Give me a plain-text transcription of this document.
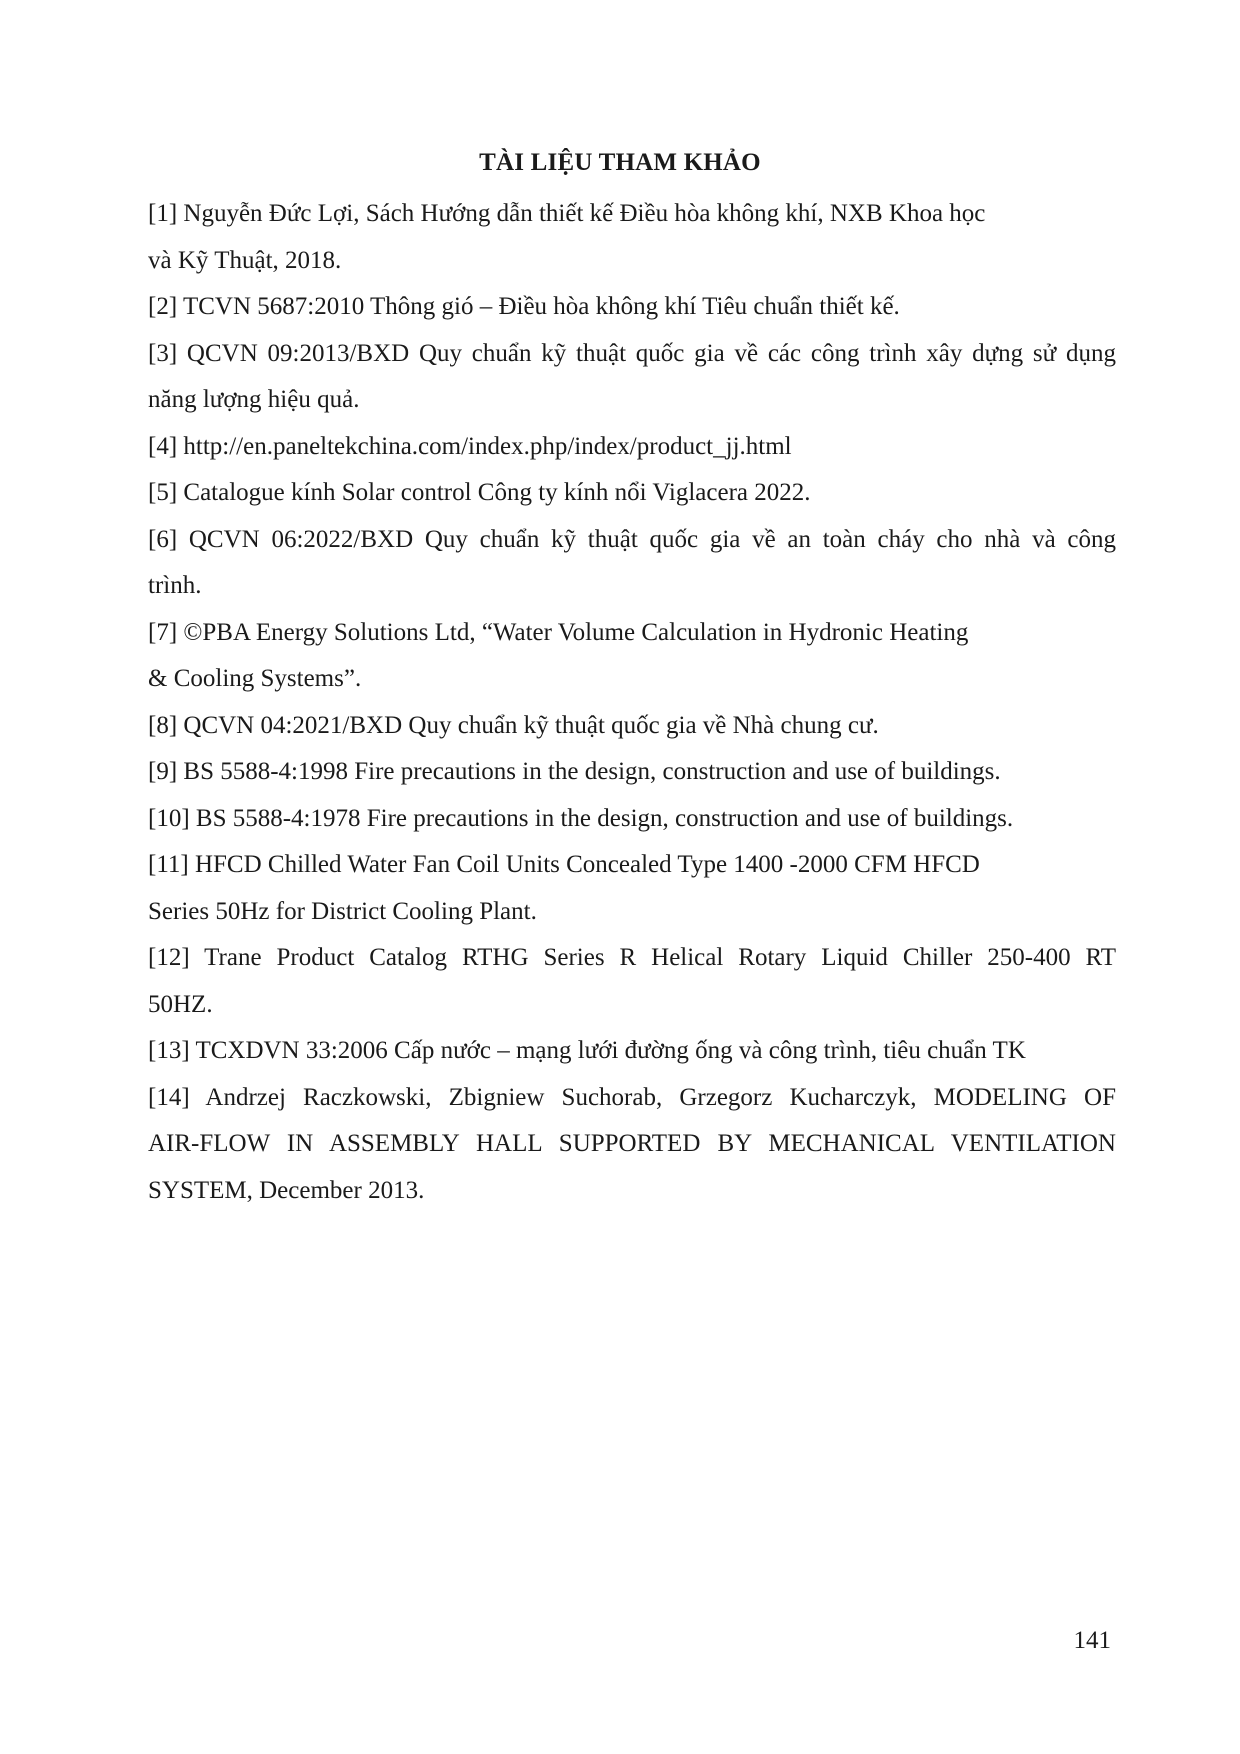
TÀI LIỆU THAM KHẢO
[1] Nguyễn Đức Lợi, Sách Hướng dẫn thiết kế Điều hòa không khí, NXB Khoa học
và Kỹ Thuật, 2018.
[2] TCVN 5687:2010 Thông gió – Điều hòa không khí Tiêu chuẩn thiết kế.
[3] QCVN 09:2013/BXD Quy chuẩn kỹ thuật quốc gia về các công trình xây dựng sử dụng
năng lượng hiệu quả.
[4] http://en.paneltekchina.com/index.php/index/product_jj.html
[5] Catalogue kính Solar control Công ty kính nổi Viglacera 2022.
[6] QCVN 06:2022/BXD Quy chuẩn kỹ thuật quốc gia về an toàn cháy cho nhà và công
trình.
[7] ©PBA Energy Solutions Ltd, “Water Volume Calculation in Hydronic Heating
& Cooling Systems”.
[8] QCVN 04:2021/BXD Quy chuẩn kỹ thuật quốc gia về Nhà chung cư.
[9] BS 5588-4:1998 Fire precautions in the design, construction and use of buildings.
[10] BS 5588-4:1978 Fire precautions in the design, construction and use of buildings.
[11] HFCD Chilled Water Fan Coil Units Concealed Type 1400 -2000 CFM HFCD
Series 50Hz for District Cooling Plant.
[12] Trane Product Catalog RTHG Series R Helical Rotary Liquid Chiller 250-400 RT
50HZ.
[13] TCXDVN 33:2006 Cấp nước – mạng lưới đường ống và công trình, tiêu chuẩn TK
[14] Andrzej Raczkowski, Zbigniew Suchorab, Grzegorz Kucharczyk, MODELING OF
AIR-FLOW IN ASSEMBLY HALL SUPPORTED BY MECHANICAL VENTILATION
SYSTEM, December 2013.
141
